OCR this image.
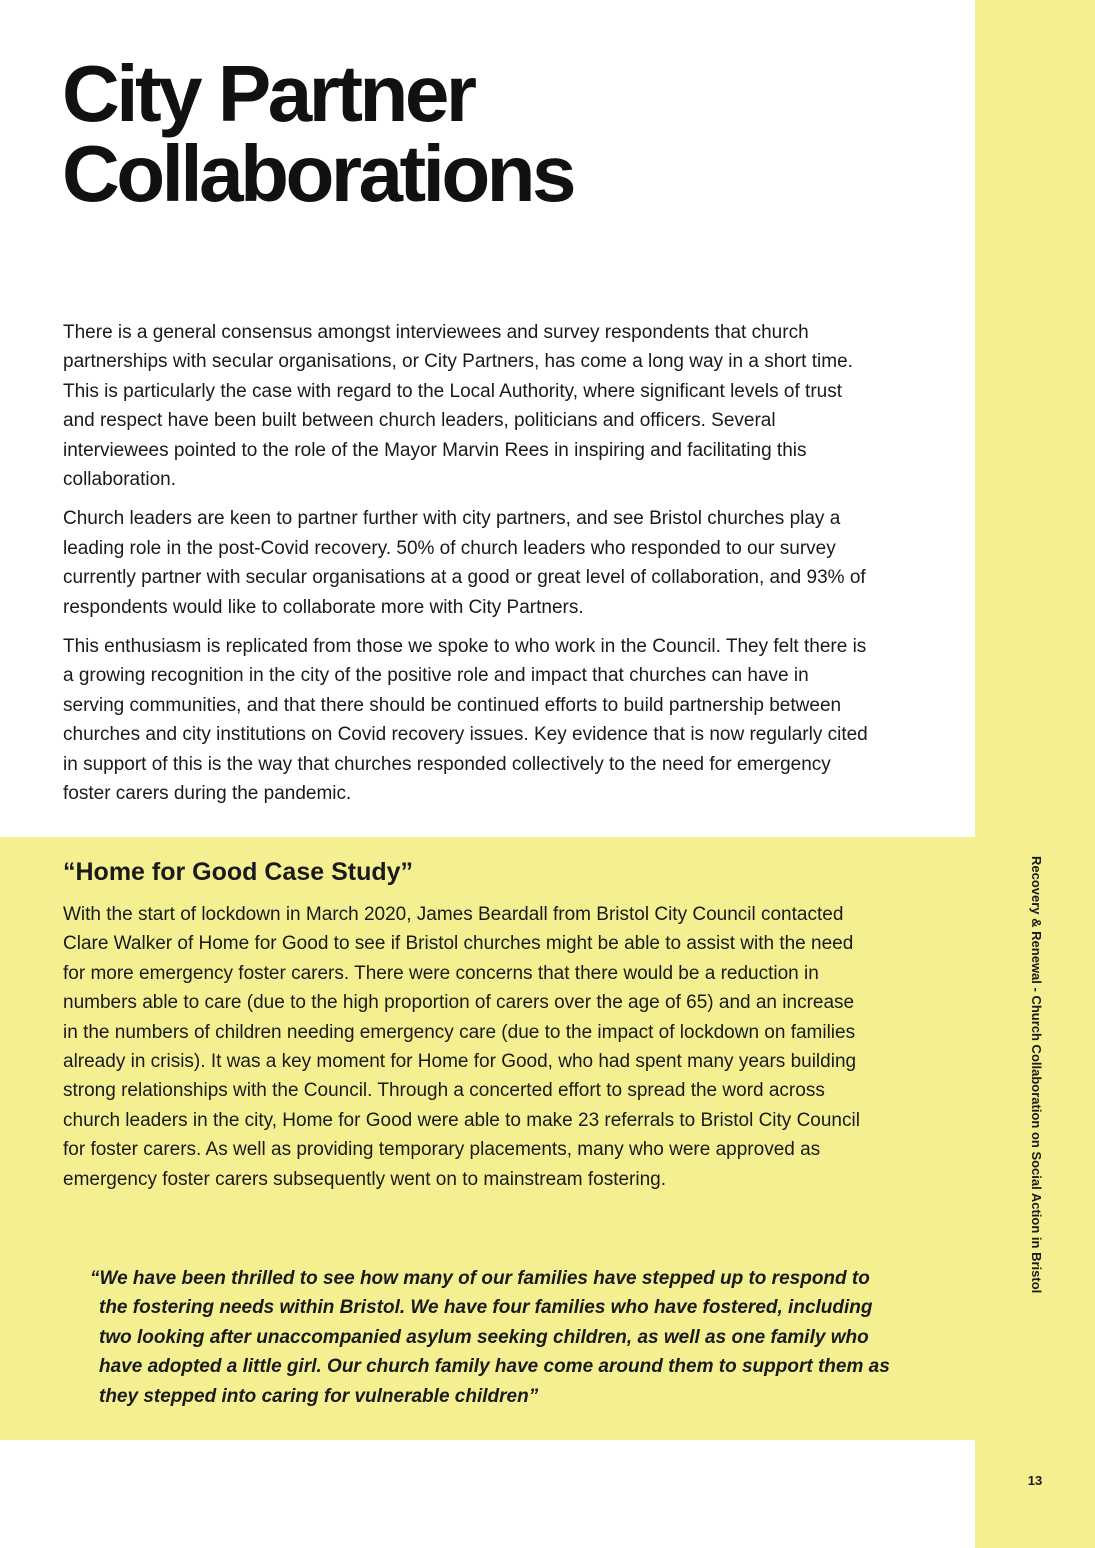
City Partner
Collaborations

There is a general consensus amongst interviewees and survey respondents that church partnerships with secular organisations, or City Partners, has come a long way in a short time. This is particularly the case with regard to the Local Authority, where significant levels of trust and respect have been built between church leaders, politicians and officers. Several interviewees pointed to the role of the Mayor Marvin Rees in inspiring and facilitating this collaboration.

Church leaders are keen to partner further with city partners, and see Bristol churches play a leading role in the post-Covid recovery. 50% of church leaders who responded to our survey currently partner with secular organisations at a good or great level of collaboration, and 93% of respondents would like to collaborate more with City Partners.

This enthusiasm is replicated from those we spoke to who work in the Council. They felt there is a growing recognition in the city of the positive role and impact that churches can have in serving communities, and that there should be continued efforts to build partnership between churches and city institutions on Covid recovery issues. Key evidence that is now regularly cited in support of this is the way that churches responded collectively to the need for emergency foster carers during the pandemic.

“Home for Good Case Study”

With the start of lockdown in March 2020, James Beardall from Bristol City Council contacted Clare Walker of Home for Good to see if Bristol churches might be able to assist with the need for more emergency foster carers. There were concerns that there would be a reduction in numbers able to care (due to the high proportion of carers over the age of 65) and an increase in the numbers of children needing emergency care (due to the impact of lockdown on families already in crisis). It was a key moment for Home for Good, who had spent many years building strong relationships with the Council. Through a concerted effort to spread the word across church leaders in the city, Home for Good were able to make 23 referrals to Bristol City Council for foster carers. As well as providing temporary placements, many who were approved as emergency foster carers subsequently went on to mainstream fostering.

“We have been thrilled to see how many of our families have stepped up to respond to the fostering needs within Bristol. We have four families who have fostered, including two looking after unaccompanied asylum seeking children, as well as one family who have adopted a little girl. Our church family have come around them to support them as they stepped into caring for vulnerable children”

Recovery & Renewal - Church Collaboration on Social Action in Bristol
13
